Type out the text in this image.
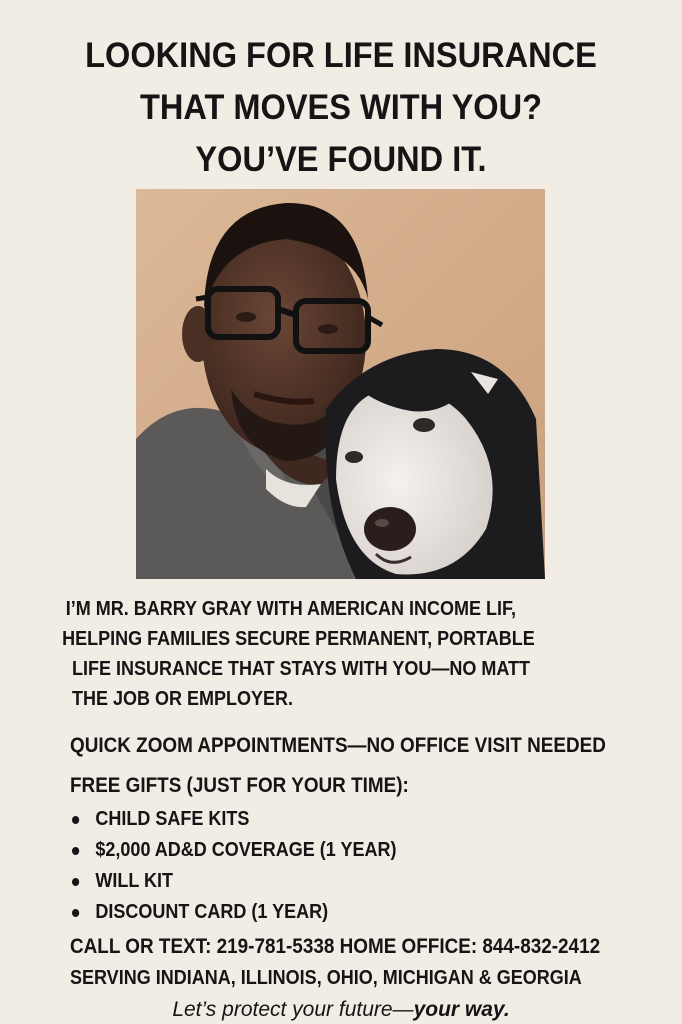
LOOKING FOR LIFE INSURANCE
THAT MOVES WITH YOU?
YOU’VE FOUND IT.
I’M MR. BARRY GRAY WITH AMERICAN INCOME LIF,
HELPING FAMILIES SECURE PERMANENT, PORTABLE
LIFE INSURANCE THAT STAYS WITH YOU—NO MATT
THE JOB OR EMPLOYER.
QUICK ZOOM APPOINTMENTS—NO OFFICE VISIT NEEDED
FREE GIFTS (JUST FOR YOUR TIME):
CHILD SAFE KITS
$2,000 AD&D COVERAGE (1 YEAR)
WILL KIT
DISCOUNT CARD (1 YEAR)
CALL OR TEXT: 219-781-5338 HOME OFFICE: 844-832-2412
SERVING INDIANA, ILLINOIS, OHIO, MICHIGAN & GEORGIA
Let’s protect your future—your way.
